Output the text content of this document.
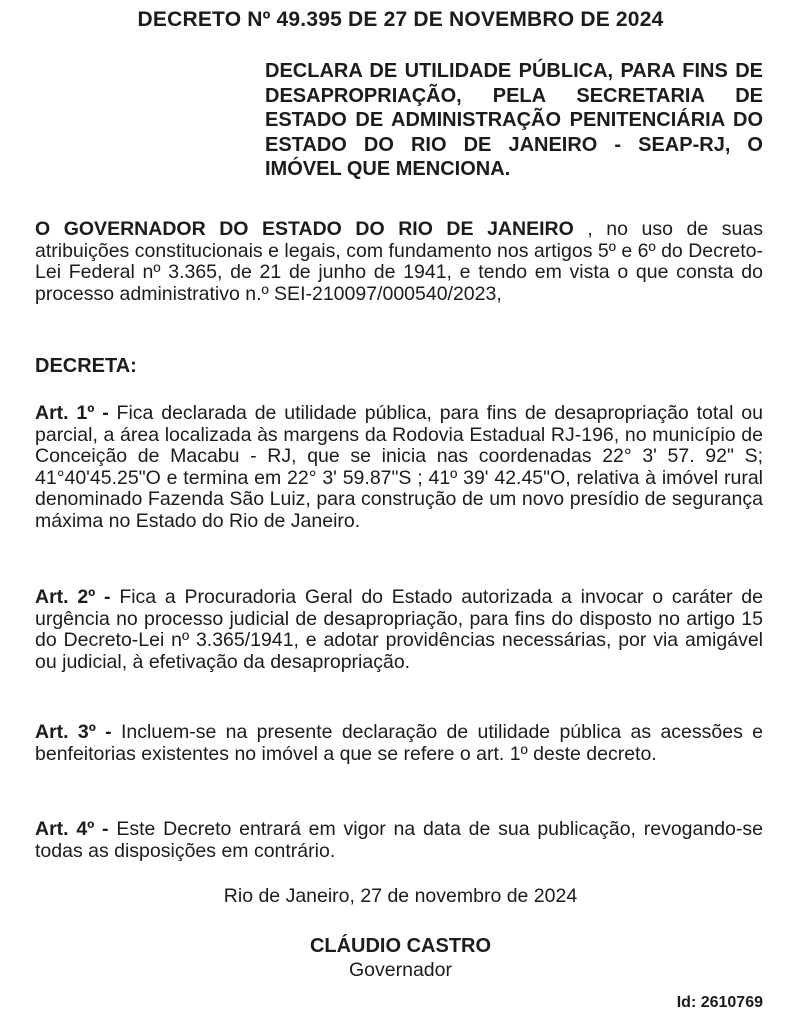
DECRETO Nº 49.395 DE 27 DE NOVEMBRO DE 2024
DECLARA DE UTILIDADE PÚBLICA, PARA FINS DE DESAPROPRIAÇÃO, PELA SECRETARIA DE ESTADO DE ADMINISTRAÇÃO PENITENCIÁRIA DO ESTADO DO RIO DE JANEIRO - SEAP-RJ, O IMÓVEL QUE MENCIONA.
O GOVERNADOR DO ESTADO DO RIO DE JANEIRO , no uso de suas atribuições constitucionais e legais, com fundamento nos artigos 5º e 6º do Decreto-Lei Federal nº 3.365, de 21 de junho de 1941, e tendo em vista o que consta do processo administrativo n.º SEI-210097/000540/2023,
DECRETA:
Art. 1º - Fica declarada de utilidade pública, para fins de desapropriação total ou parcial, a área localizada às margens da Rodovia Estadual RJ-196, no município de Conceição de Macabu - RJ, que se inicia nas coordenadas 22° 3' 57. 92" S; 41°40'45.25"O e termina em 22° 3' 59.87"S ; 41º 39' 42.45"O, relativa à imóvel rural denominado Fazenda São Luiz, para construção de um novo presídio de segurança máxima no Estado do Rio de Janeiro.
Art. 2º - Fica a Procuradoria Geral do Estado autorizada a invocar o caráter de urgência no processo judicial de desapropriação, para fins do disposto no artigo 15 do Decreto-Lei nº 3.365/1941, e adotar providências necessárias, por via amigável ou judicial, à efetivação da desapropriação.
Art. 3º - Incluem-se na presente declaração de utilidade pública as acessões e benfeitorias existentes no imóvel a que se refere o art. 1º deste decreto.
Art. 4º - Este Decreto entrará em vigor na data de sua publicação, revogando-se todas as disposições em contrário.
Rio de Janeiro, 27 de novembro de 2024
CLÁUDIO CASTRO
Governador
Id: 2610769
